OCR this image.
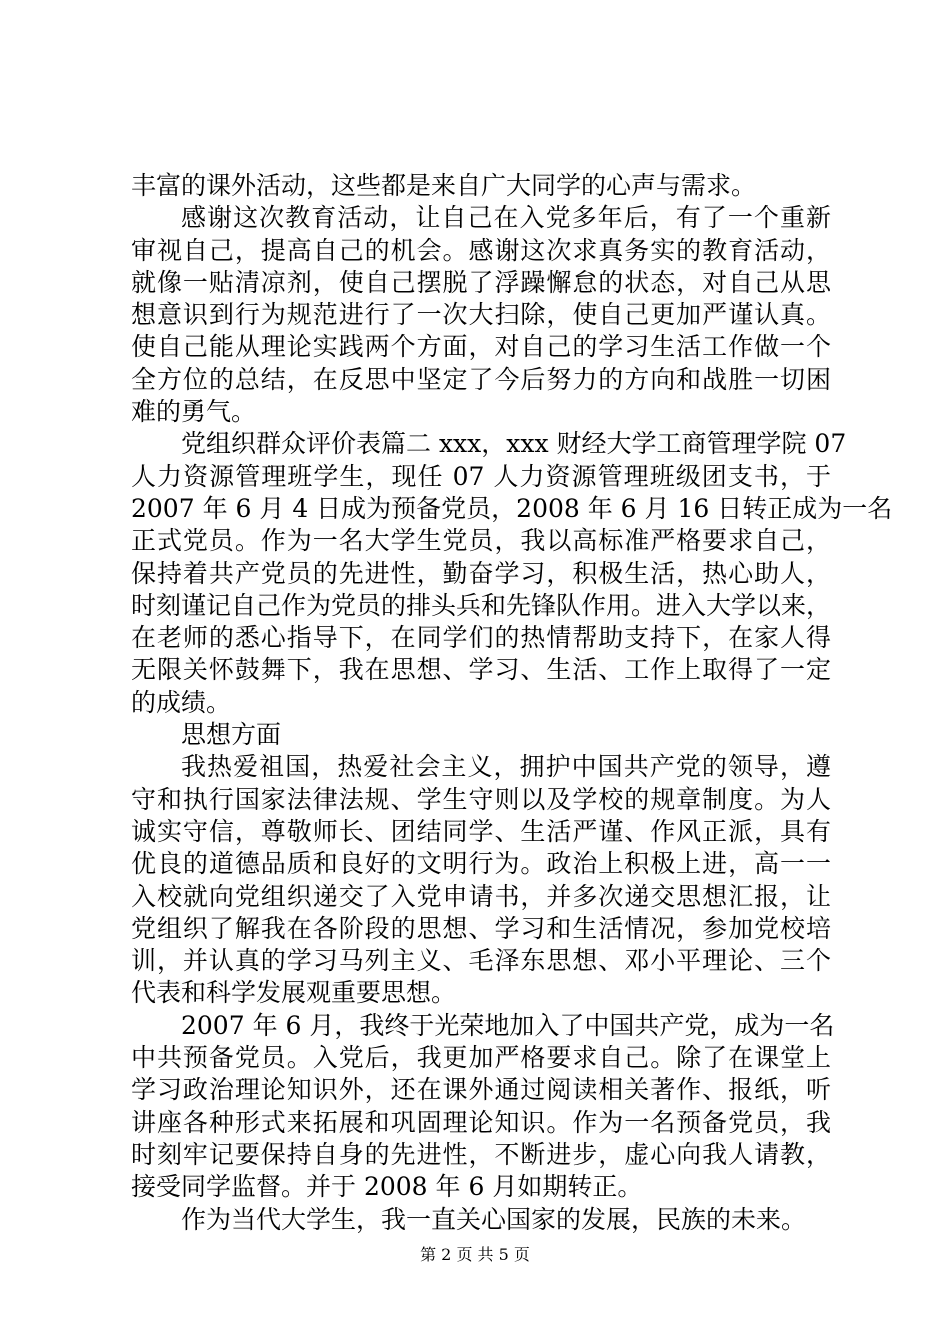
丰富的课外活动，这些都是来自广大同学的心声与需求。
感谢这次教育活动，让自己在入党多年后，有了一个重新
审视自己，提高自己的机会。感谢这次求真务实的教育活动，
就像一贴清凉剂，使自己摆脱了浮躁懈怠的状态，对自己从思
想意识到行为规范进行了一次大扫除，使自己更加严谨认真。
使自己能从理论实践两个方面，对自己的学习生活工作做一个
全方位的总结，在反思中坚定了今后努力的方向和战胜一切困
难的勇气。
党组织群众评价表篇二 xxx，xxx 财经大学工商管理学院 07
人力资源管理班学生，现任 07 人力资源管理班级团支书，于
2007 年 6 月 4 日成为预备党员，2008 年 6 月 16 日转正成为一名
正式党员。作为一名大学生党员，我以高标准严格要求自己，
保持着共产党员的先进性，勤奋学习，积极生活，热心助人，
时刻谨记自己作为党员的排头兵和先锋队作用。进入大学以来，
在老师的悉心指导下，在同学们的热情帮助支持下，在家人得
无限关怀鼓舞下，我在思想、学习、生活、工作上取得了一定
的成绩。
思想方面
我热爱祖国，热爱社会主义，拥护中国共产党的领导，遵
守和执行国家法律法规、学生守则以及学校的规章制度。为人
诚实守信，尊敬师长、团结同学、生活严谨、作风正派，具有
优良的道德品质和良好的文明行为。政治上积极上进，高一一
入校就向党组织递交了入党申请书，并多次递交思想汇报，让
党组织了解我在各阶段的思想、学习和生活情况，参加党校培
训，并认真的学习马列主义、毛泽东思想、邓小平理论、三个
代表和科学发展观重要思想。
2007 年 6 月，我终于光荣地加入了中国共产党，成为一名
中共预备党员。入党后，我更加严格要求自己。除了在课堂上
学习政治理论知识外，还在课外通过阅读相关著作、报纸，听
讲座各种形式来拓展和巩固理论知识。作为一名预备党员，我
时刻牢记要保持自身的先进性，不断进步，虚心向我人请教，
接受同学监督。并于 2008 年 6 月如期转正。
作为当代大学生，我一直关心国家的发展，民族的未来。
第 2 页 共 5 页
